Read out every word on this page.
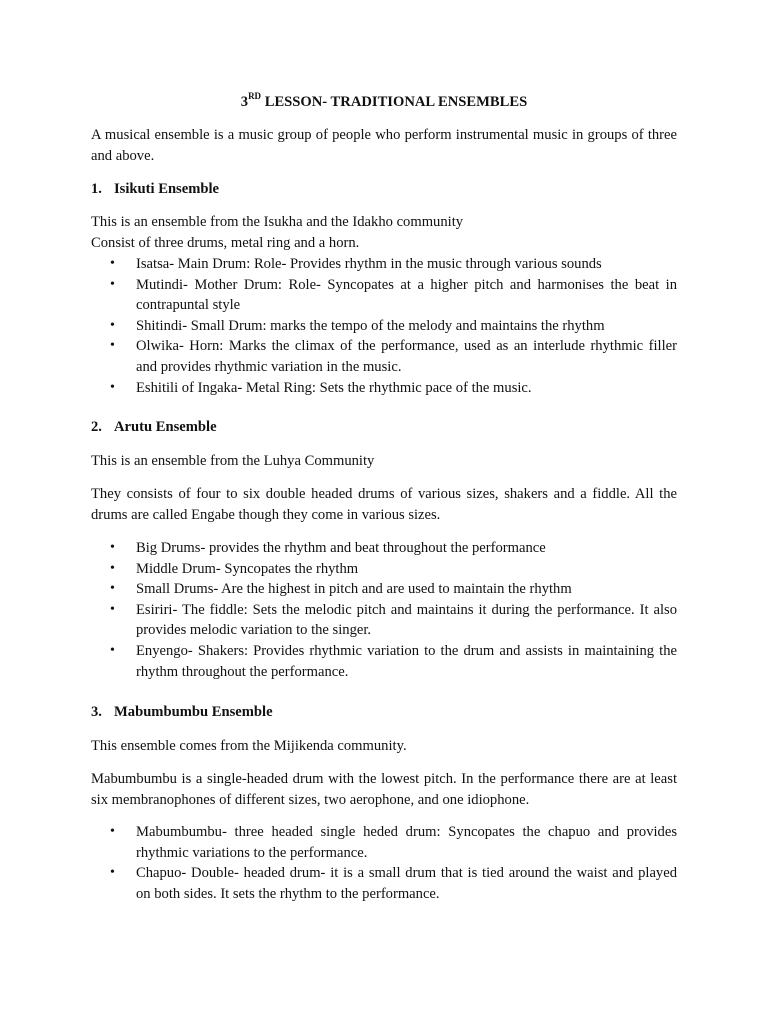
3RD LESSON- TRADITIONAL ENSEMBLES

A musical ensemble is a music group of people who perform instrumental music in groups of three and above.

1. Isikuti Ensemble

This is an ensemble from the Isukha and the Idakho community

Consist of three drums, metal ring and a horn.

• Isatsa- Main Drum: Role- Provides rhythm in the music through various sounds
• Mutindi- Mother Drum: Role- Syncopates at a higher pitch and harmonises the beat in contrapuntal style
• Shitindi- Small Drum: marks the tempo of the melody and maintains the rhythm
• Olwika- Horn: Marks the climax of the performance, used as an interlude rhythmic filler and provides rhythmic variation in the music.
• Eshitili of Ingaka- Metal Ring: Sets the rhythmic pace of the music.
2. Arutu Ensemble

This is an ensemble from the Luhya Community

They consists of four to six double headed drums of various sizes, shakers and a fiddle. All the drums are called Engabe though they come in various sizes.

• Big Drums- provides the rhythm and beat throughout the performance
• Middle Drum- Syncopates the rhythm
• Small Drums- Are the highest in pitch and are used to maintain the rhythm
• Esiriri- The fiddle: Sets the melodic pitch and maintains it during the performance. It also provides melodic variation to the singer.
• Enyengo- Shakers: Provides rhythmic variation to the drum and assists in maintaining the rhythm throughout the performance.
3. Mabumbumbu Ensemble

This ensemble comes from the Mijikenda community.

Mabumbumbu is a single-headed drum with the lowest pitch. In the performance there are at least six membranophones of different sizes, two aerophone, and one idiophone.

• Mabumbumbu- three headed single heded drum: Syncopates the chapuo and provides rhythmic variations to the performance.
• Chapuo- Double- headed drum- it is a small drum that is tied around the waist and played on both sides. It sets the rhythm to the performance.
